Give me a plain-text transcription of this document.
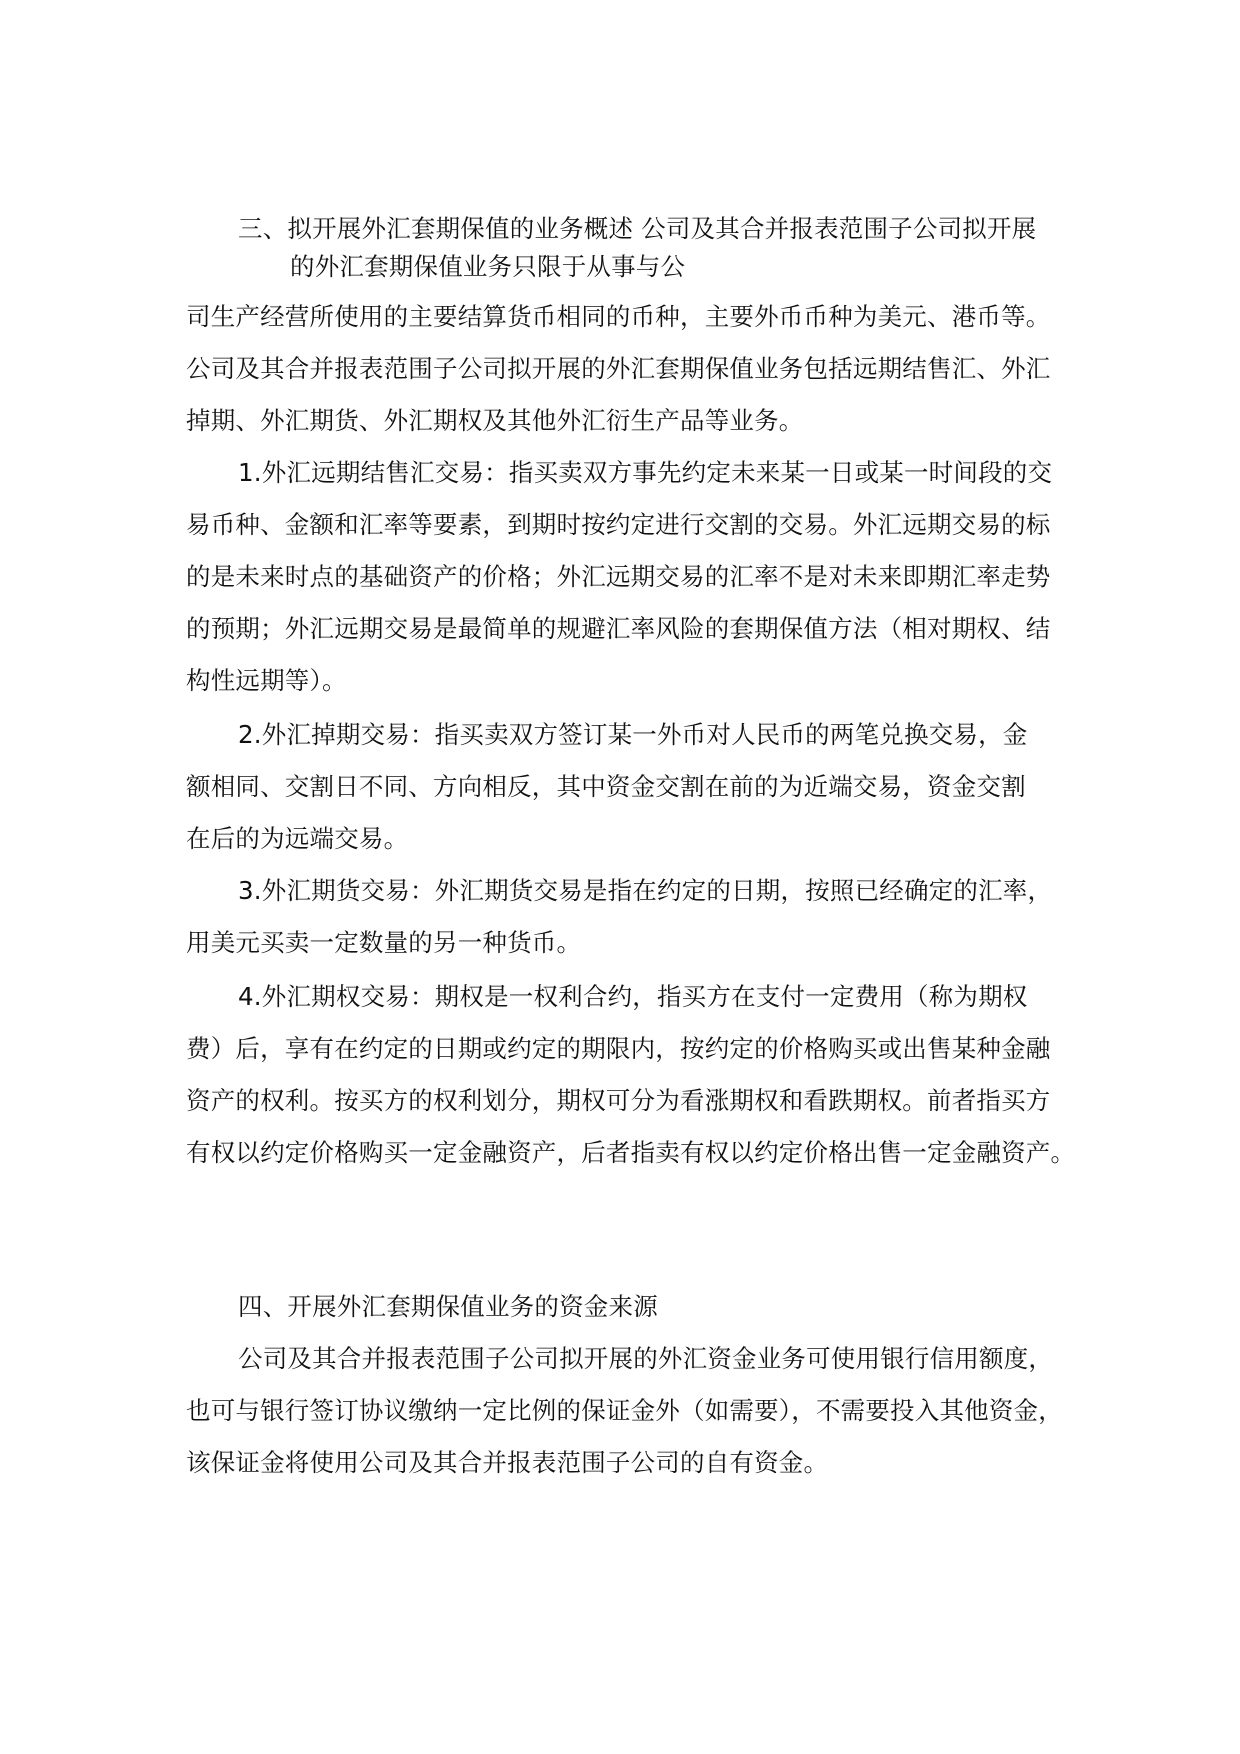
三、拟开展外汇套期保值的业务概述 公司及其合并报表范围子公司拟开展
的外汇套期保值业务只限于从事与公
司生产经营所使用的主要结算货币相同的币种，主要外币币种为美元、港币等。
公司及其合并报表范围子公司拟开展的外汇套期保值业务包括远期结售汇、外汇
掉期、外汇期货、外汇期权及其他外汇衍生产品等业务。
1.外汇远期结售汇交易：指买卖双方事先约定未来某一日或某一时间段的交
易币种、金额和汇率等要素，到期时按约定进行交割的交易。外汇远期交易的标
的是未来时点的基础资产的价格；外汇远期交易的汇率不是对未来即期汇率走势
的预期；外汇远期交易是最简单的规避汇率风险的套期保值方法（相对期权、结
构性远期等）。
2.外汇掉期交易：指买卖双方签订某一外币对人民币的两笔兑换交易，金
额相同、交割日不同、方向相反，其中资金交割在前的为近端交易，资金交割
在后的为远端交易。
3.外汇期货交易：外汇期货交易是指在约定的日期，按照已经确定的汇率，
用美元买卖一定数量的另一种货币。
4.外汇期权交易：期权是一权利合约，指买方在支付一定费用（称为期权
费）后，享有在约定的日期或约定的期限内，按约定的价格购买或出售某种金融
资产的权利。按买方的权利划分，期权可分为看涨期权和看跌期权。前者指买方
有权以约定价格购买一定金融资产，后者指卖有权以约定价格出售一定金融资产。
四、开展外汇套期保值业务的资金来源
公司及其合并报表范围子公司拟开展的外汇资金业务可使用银行信用额度，
也可与银行签订协议缴纳一定比例的保证金外（如需要），不需要投入其他资金，
该保证金将使用公司及其合并报表范围子公司的自有资金。
